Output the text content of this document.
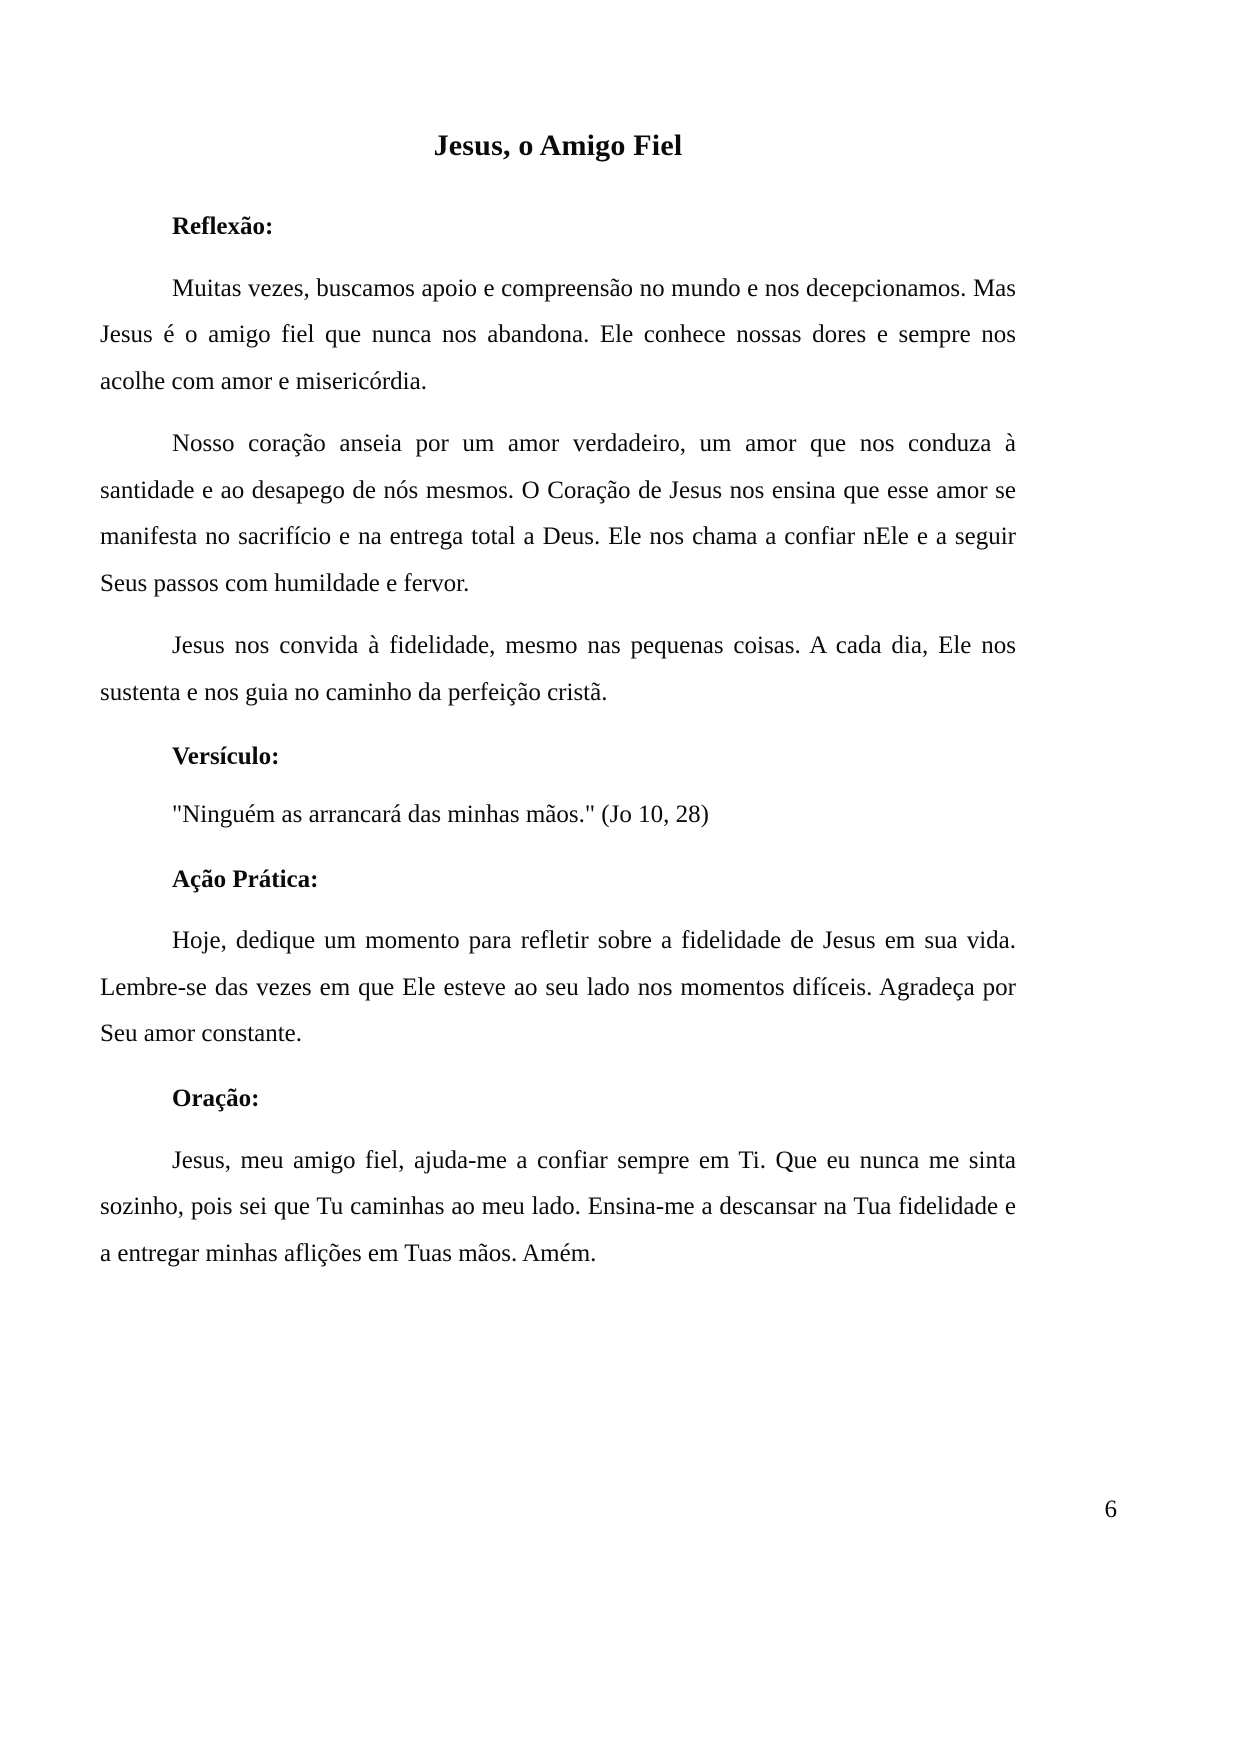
Jesus, o Amigo Fiel

Reflexão:

Muitas vezes, buscamos apoio e compreensão no mundo e nos decepcionamos. Mas Jesus é o amigo fiel que nunca nos abandona. Ele conhece nossas dores e sempre nos acolhe com amor e misericórdia.

Nosso coração anseia por um amor verdadeiro, um amor que nos conduza à santidade e ao desapego de nós mesmos. O Coração de Jesus nos ensina que esse amor se manifesta no sacrifício e na entrega total a Deus. Ele nos chama a confiar nEle e a seguir Seus passos com humildade e fervor.

Jesus nos convida à fidelidade, mesmo nas pequenas coisas. A cada dia, Ele nos sustenta e nos guia no caminho da perfeição cristã.

Versículo:

"Ninguém as arrancará das minhas mãos." (Jo 10, 28)

Ação Prática:

Hoje, dedique um momento para refletir sobre a fidelidade de Jesus em sua vida. Lembre-se das vezes em que Ele esteve ao seu lado nos momentos difíceis. Agradeça por Seu amor constante.

Oração:

Jesus, meu amigo fiel, ajuda-me a confiar sempre em Ti. Que eu nunca me sinta sozinho, pois sei que Tu caminhas ao meu lado. Ensina-me a descansar na Tua fidelidade e a entregar minhas aflições em Tuas mãos. Amém.

6
